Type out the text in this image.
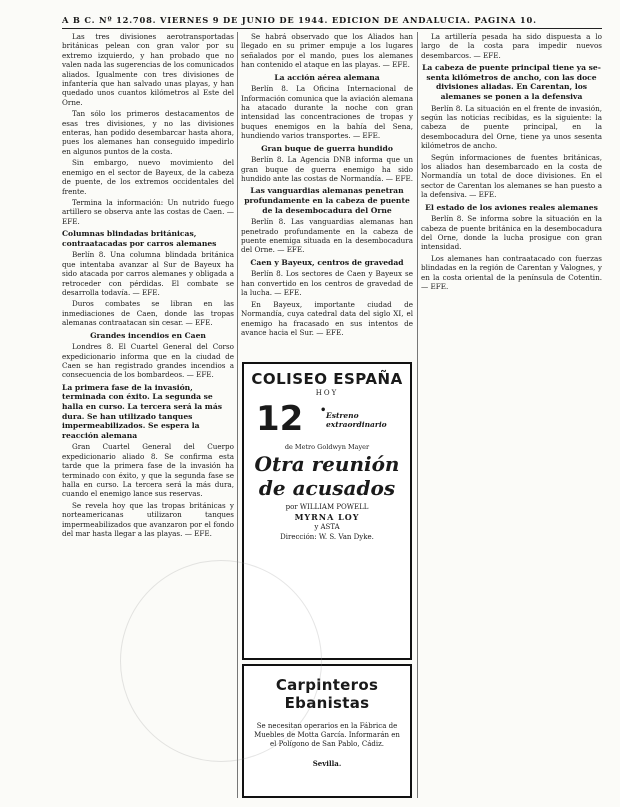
A B C. Nº 12.708. VIERNES 9 DE JUNIO DE 1944. EDICION DE ANDALUCIA. PAGINA 10.

Las tres divisiones aerotransportadas británicas pelean con gran valor por su extremo izquierdo, y han probado que no valen nada las sugerencias de los comunicados aliados. Igualmente con tres divisiones de infantería que han salvado unas playas, y han quedado unos cuantos kilómetros al Este del Orne.

Tan sólo los primeros destacamentos de esas tres divisiones, y no las divisiones enteras, han podido desembarcar hasta ahora, pues los alemanes han conseguido impedirlo en algunos puntos de la costa.

Sin embargo, nuevo movimiento del enemigo en el sector de Bayeux, de la cabeza de puente, de los extremos occidentales del frente.

Termina la información: Un nutrido fuego artillero se observa ante las costas de Caen. — EFE.

Columnas blindadas británicas, contraatacadas por carros alemanes

Berlín 8. Una columna blindada británica que intentaba avanzar al Sur de Bayeux ha sido atacada por carros alemanes y obligada a retroceder con pérdidas. El combate se desarrolla todavía. — EFE.

Duros combates se libran en las inmediaciones de Caen, donde las tropas alemanas contraatacan sin cesar. — EFE.

Grandes incendios en Caen

Londres 8. El Cuartel General del Corso expedicionario informa que en la ciudad de Caen se han registrado grandes incendios a consecuencia de los bombardeos. — EFE.

La primera fase de la invasión, terminada con éxito. La segunda se halla en curso. La tercera será la más dura. Se han utilizado tanques impermeabilizados. Se espera la reacción alemana

Gran Cuartel General del Cuerpo expedicionario aliado 8. Se confirma esta tarde que la primera fase de la invasión ha terminado con éxito, y que la segunda fase se halla en curso. La tercera será la más dura, cuando el enemigo lance sus reservas.

Se revela hoy que las tropas británicas y norteamericanas utilizaron tanques impermeabilizados que avanzaron por el fondo del mar hasta llegar a las playas. — EFE.

Se habrá observado que los Aliados han llegado en su primer empuje a los lugares señalados por el mando, pues los alemanes han contenido el ataque en las playas. — EFE.

La acción aérea alemana

Berlín 8. La Oficina Internacional de Información comunica que la aviación alemana ha atacado durante la noche con gran intensidad las concentraciones de tropas y buques enemigos en la bahía del Sena, hundiendo varios transportes. — EFE.

Gran buque de guerra hundido

Berlín 8. La Agencia DNB informa que un gran buque de guerra enemigo ha sido hundido ante las costas de Normandía. — EFE.

Las vanguardias alemanas penetran profundamente en la cabeza de puente de la desembocadura del Orne

Berlín 8. Las vanguardias alemanas han penetrado profundamente en la cabeza de puente enemiga situada en la desembocadura del Orne. — EFE.

Caen y Bayeux, centros de gravedad

Berlín 8. Los sectores de Caen y Bayeux se han convertido en los centros de gravedad de la lucha. — EFE.

En Bayeux, importante ciudad de Normandía, cuya catedral data del siglo XI, el enemigo ha fracasado en sus intentos de avance hacia el Sur. — EFE.

COLISEO ESPAÑA
HOY
12 • Estreno extraordinario
de Metro Goldwyn Mayer
Otra reunión
de acusados
por WILLIAM POWELL
MYRNA LOY
y ASTA
Dirección: W. S. Van Dyke.
Carpinteros Ebanistas
Se necesitan operarios en la Fábrica de Muebles de Motta García. Informarán en el Polígono de San Pablo, Cádiz.
Sevilla.

La artillería pesada ha sido dispuesta a lo largo de la costa para impedir nuevos desembarcos. — EFE.

La cabeza de puente principal tiene ya se- senta kilómetros de ancho, con las doce divisiones aliadas. En Carentan, los alemanes se ponen a la defensiva

Berlín 8. La situación en el frente de invasión, según las noticias recibidas, es la siguiente: la cabeza de puente principal, en la desembocadura del Orne, tiene ya unos sesenta kilómetros de ancho.

Según informaciones de fuentes británicas, los aliados han desembarcado en la costa de Normandía un total de doce divisiones. En el sector de Carentan los alemanes se han puesto a la defensiva. — EFE.

El estado de los aviones reales alemanes

Berlín 8. Se informa sobre la situación en la cabeza de puente británica en la desembocadura del Orne, donde la lucha prosigue con gran intensidad.

Los alemanes han contraatacado con fuerzas blindadas en la región de Carentan y Valognes, y en la costa oriental de la península de Cotentin. — EFE.
